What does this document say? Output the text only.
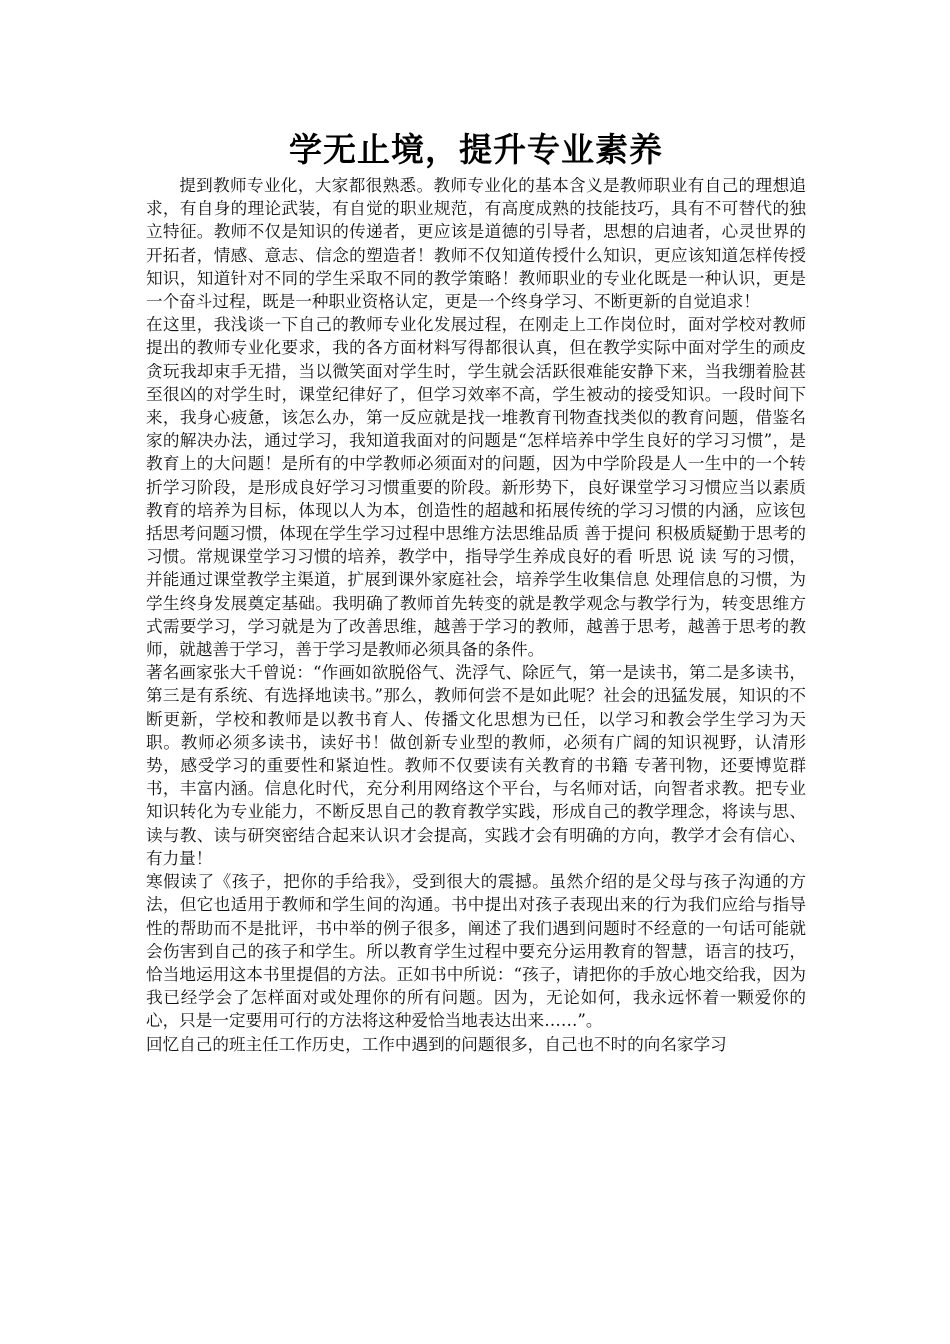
学无止境，提升专业素养

提到教师专业化，大家都很熟悉。教师专业化的基本含义是教师职业有自己的理想追求，有自身的理论武装，有自觉的职业规范，有高度成熟的技能技巧，具有不可替代的独立特征。教师不仅是知识的传递者，更应该是道德的引导者，思想的启迪者，心灵世界的开拓者，情感、意志、信念的塑造者！教师不仅知道传授什么知识，更应该知道怎样传授知识，知道针对不同的学生采取不同的教学策略！教师职业的专业化既是一种认识，更是一个奋斗过程，既是一种职业资格认定，更是一个终身学习、不断更新的自觉追求！

在这里，我浅谈一下自己的教师专业化发展过程，在刚走上工作岗位时，面对学校对教师提出的教师专业化要求，我的各方面材料写得都很认真，但在教学实际中面对学生的顽皮贪玩我却束手无措，当以微笑面对学生时，学生就会活跃很难能安静下来，当我绷着脸甚至很凶的对学生时，课堂纪律好了，但学习效率不高，学生被动的接受知识。一段时间下来，我身心疲惫，该怎么办，第一反应就是找一堆教育刊物查找类似的教育问题，借鉴名家的解决办法，通过学习，我知道我面对的问题是“怎样培养中学生良好的学习习惯”，是教育上的大问题！是所有的中学教师必须面对的问题，因为中学阶段是人一生中的一个转折学习阶段，是形成良好学习习惯重要的阶段。新形势下，良好课堂学习习惯应当以素质教育的培养为目标，体现以人为本，创造性的超越和拓展传统的学习习惯的内涵，应该包括思考问题习惯，体现在学生学习过程中思维方法思维品质 善于提问 积极质疑勤于思考的习惯。常规课堂学习习惯的培养，教学中，指导学生养成良好的看 听思 说 读 写的习惯，并能通过课堂教学主渠道，扩展到课外家庭社会，培养学生收集信息 处理信息的习惯，为学生终身发展奠定基础。我明确了教师首先转变的就是教学观念与教学行为，转变思维方式需要学习，学习就是为了改善思维，越善于学习的教师，越善于思考，越善于思考的教师，就越善于学习，善于学习是教师必须具备的条件。

著名画家张大千曾说：“作画如欲脱俗气、洗浮气、除匠气，第一是读书，第二是多读书，第三是有系统、有选择地读书。”那么，教师何尝不是如此呢？社会的迅猛发展，知识的不断更新，学校和教师是以教书育人、传播文化思想为已任，以学习和教会学生学习为天职。教师必须多读书，读好书！做创新专业型的教师，必须有广阔的知识视野，认清形势，感受学习的重要性和紧迫性。教师不仅要读有关教育的书籍 专著刊物，还要博览群书，丰富内涵。信息化时代，充分利用网络这个平台，与名师对话，向智者求教。把专业知识转化为专业能力，不断反思自己的教育教学实践，形成自己的教学理念，将读与思、读与教、读与研突密结合起来认识才会提高，实践才会有明确的方向，教学才会有信心、有力量！

寒假读了《孩子，把你的手给我》，受到很大的震撼。虽然介绍的是父母与孩子沟通的方法，但它也适用于教师和学生间的沟通。书中提出对孩子表现出来的行为我们应给与指导性的帮助而不是批评，书中举的例子很多，阐述了我们遇到问题时不经意的一句话可能就会伤害到自己的孩子和学生。所以教育学生过程中要充分运用教育的智慧，语言的技巧，恰当地运用这本书里提倡的方法。正如书中所说：“孩子，请把你的手放心地交给我，因为我已经学会了怎样面对或处理你的所有问题。因为，无论如何，我永远怀着一颗爱你的心，只是一定要用可行的方法将这种爱恰当地表达出来……”。

回忆自己的班主任工作历史，工作中遇到的问题很多，自己也不时的向名家学习
